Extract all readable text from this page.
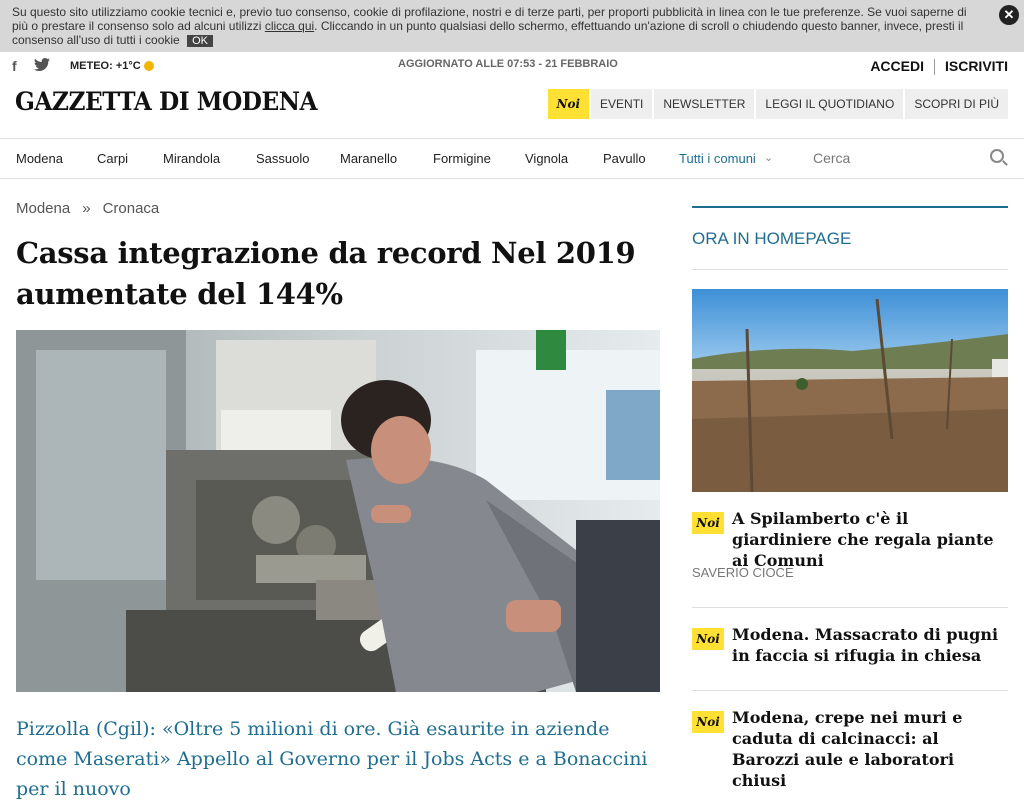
Su questo sito utilizziamo cookie tecnici e, previo tuo consenso, cookie di profilazione, nostri e di terze parti, per proporti pubblicità in linea con le tue preferenze. Se vuoi saperne di più o prestare il consenso solo ad alcuni utilizzi clicca qui. Cliccando in un punto qualsiasi dello schermo, effettuando un'azione di scroll o chiudendo questo banner, invece, presti il consenso all'uso di tutti i cookie OK
✕
f	METEO: +1°C	AGGIORNATO ALLE 07:53 - 21 FEBBRAIO	ACCEDI ISCRIVITI
GAZZETTA DI MODENA	Noi	EVENTI	NEWSLETTER	LEGGI IL QUOTIDIANO	SCOPRI DI PIÙ
Modena	Carpi	Mirandola	Sassuolo Maranello	Formigine	Vignola	Pavullo	Tutti i comuni ⌄	Cerca
Modena » Cronaca
Cassa integrazione da record Nel 2019 aumentate del 144%

Pizzolla (Cgil): «Oltre 5 milioni di ore. Già esaurite in aziende come Maserati» Appello al Governo per il Jobs Acts e a Bonaccini per il nuovo

ORA IN HOMEPAGE
Noi A Spilamberto c'è il giardiniere che regala piante ai Comuni
SAVERIO CIOCE
Noi Modena. Massacrato di pugni in faccia si rifugia in chiesa
Noi Modena, crepe nei muri e caduta di calcinacci: al Barozzi aule e laboratori chiusi
